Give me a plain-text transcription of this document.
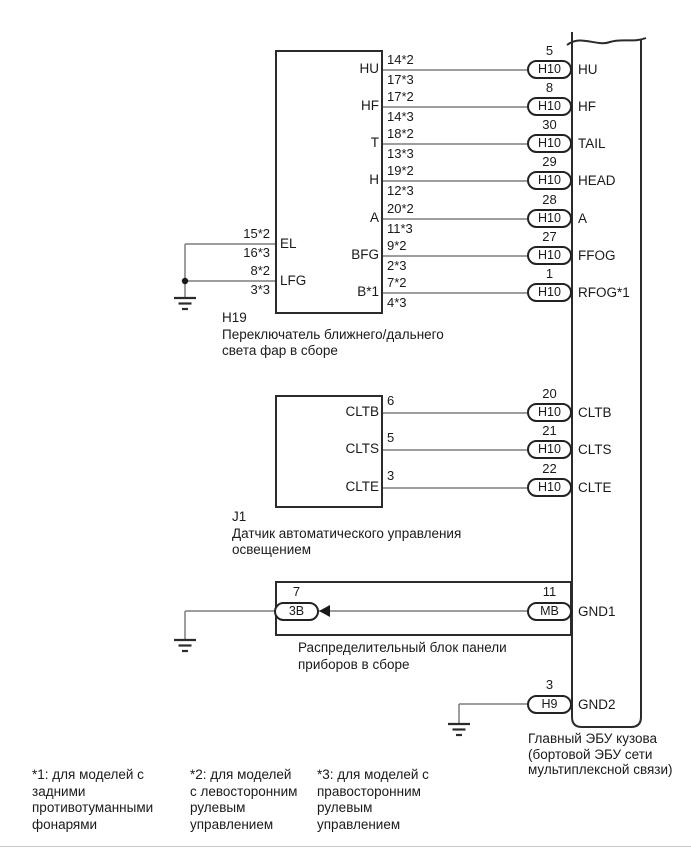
HU
14*2
17*3
5
H10	HU
HF
17*2
14*3
8
H10	HF
T
18*2
13*3
30
H10	TAIL
H
19*2
12*3
29
H10	HEAD
A
20*2
11*3
28
H10	A
BFG
9*2
2*3
27
H10	FFOG
B*1
7*2
4*3
1
H10	RFOG*1
EL
15*2
16*3
LFG
8*2
3*3
H19
Переключатель ближнего/дальнего
света фар в сборе
CLTB
6	20
H10	CLTB
CLTS
5	21
H10	CLTS
CLTE
3	22
H10	CLTE
J1
Датчик автоматического управления
освещением
7
3B
11
MB	GND1
Распределительный блок панели
приборов в сборе
3
H9	GND2
Главный ЭБУ кузова
(бортовой ЭБУ сети
мультиплексной связи)
*1: для моделей с
задними
противотуманными
фонарями
*2: для моделей
с левосторонним
рулевым
управлением
*3: для моделей с
правосторонним
рулевым
управлением
